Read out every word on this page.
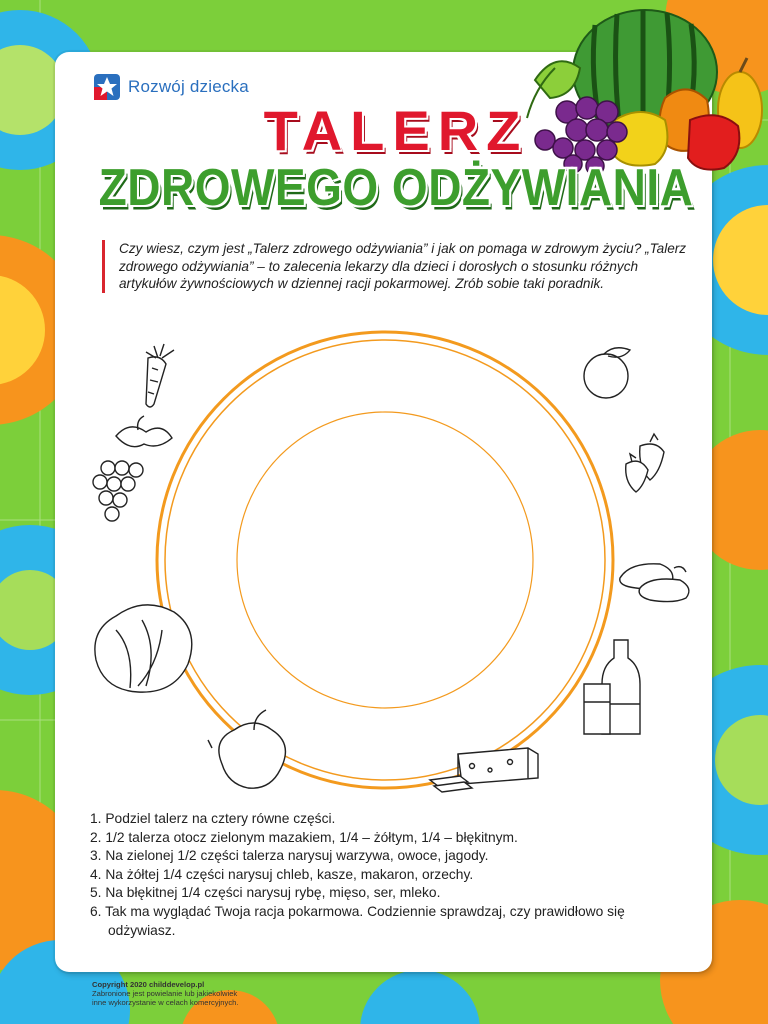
Rozwój dziecka
TALERZ
ZDROWEGO ODŻYWIANIA
Czy wiesz, czym jest „Talerz zdrowego odżywiania” i jak on pomaga w zdrowym życiu? „Talerz zdrowego odżywiania” – to zalecenia lekarzy dla dzieci i dorosłych o stosunku różnych artykułów żywnościowych w dziennej racji pokarmowej. Zrób sobie taki poradnik.
1. Podziel talerz na cztery równe części.
2. 1/2 talerza otocz zielonym mazakiem, 1/4 – żółtym, 1/4 – błękitnym.
3. Na zielonej 1/2 części talerza narysuj warzywa, owoce, jagody.
4. Na żółtej 1/4 części narysuj chleb, kasze, makaron, orzechy.
5. Na błękitnej 1/4 części narysuj rybę, mięso, ser, mleko.
6. Tak ma wyglądać Twoja racja pokarmowa. Codziennie sprawdzaj, czy prawidłowo się odżywiasz.
Copyright 2020 childdevelop.pl
Zabronione jest powielanie lub jakiekolwiek
inne wykorzystanie w celach komercyjnych.
